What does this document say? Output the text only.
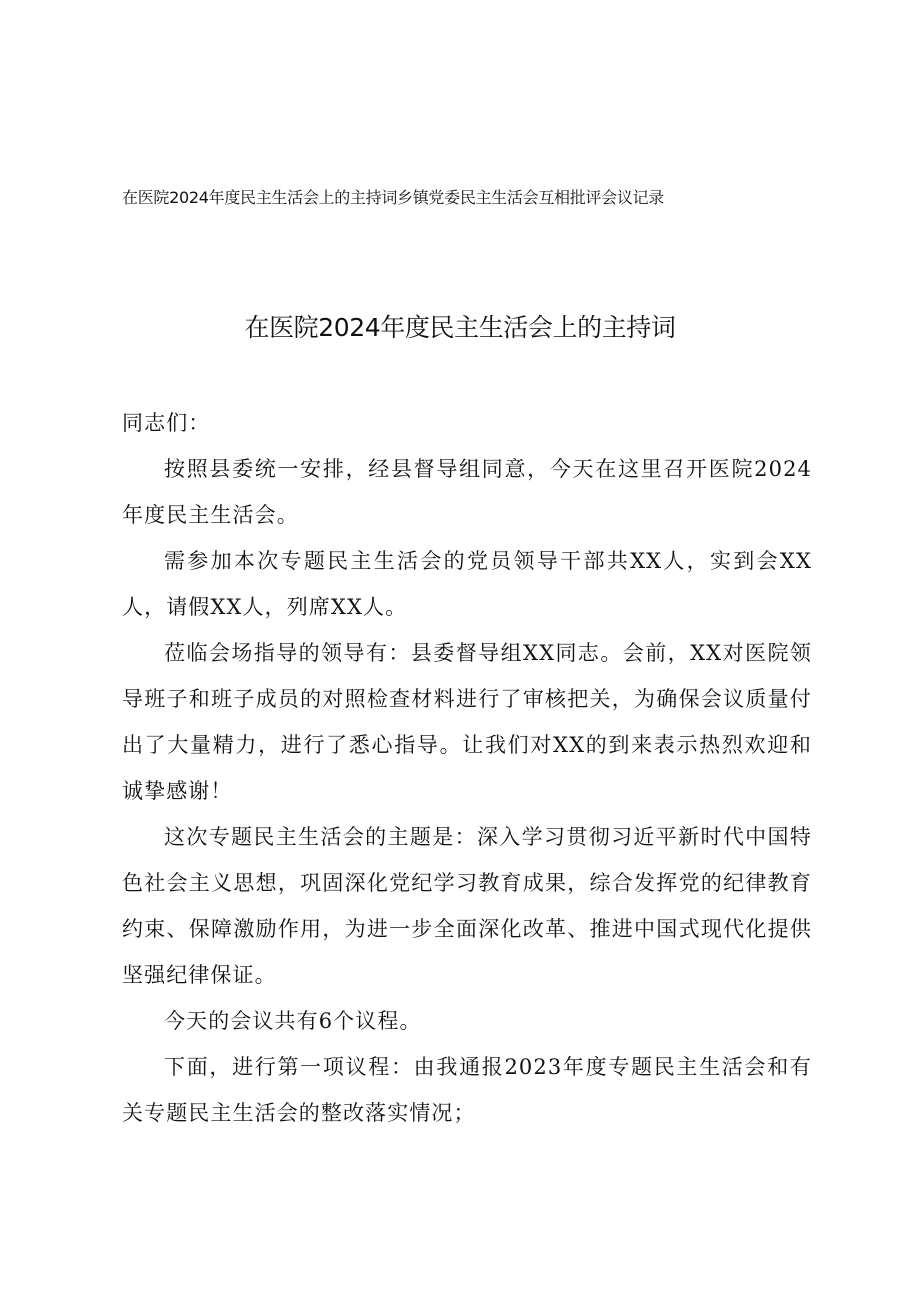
在医院2024年度民主生活会上的主持词乡镇党委民主生活会互相批评会议记录
在医院2024年度民主生活会上的主持词

同志们：

按照县委统一安排，经县督导组同意，今天在这里召开医院2024年度民主生活会。

需参加本次专题民主生活会的党员领导干部共XX人，实到会XX人，请假XX人，列席XX人。

莅临会场指导的领导有：县委督导组XX同志。会前，XX对医院领导班子和班子成员的对照检查材料进行了审核把关，为确保会议质量付出了大量精力，进行了悉心指导。让我们对XX的到来表示热烈欢迎和诚挚感谢！

这次专题民主生活会的主题是：深入学习贯彻习近平新时代中国特色社会主义思想，巩固深化党纪学习教育成果，综合发挥党的纪律教育约束、保障激励作用，为进一步全面深化改革、推进中国式现代化提供坚强纪律保证。

今天的会议共有6个议程。

下面，进行第一项议程：由我通报2023年度专题民主生活会和有关专题民主生活会的整改落实情况；
